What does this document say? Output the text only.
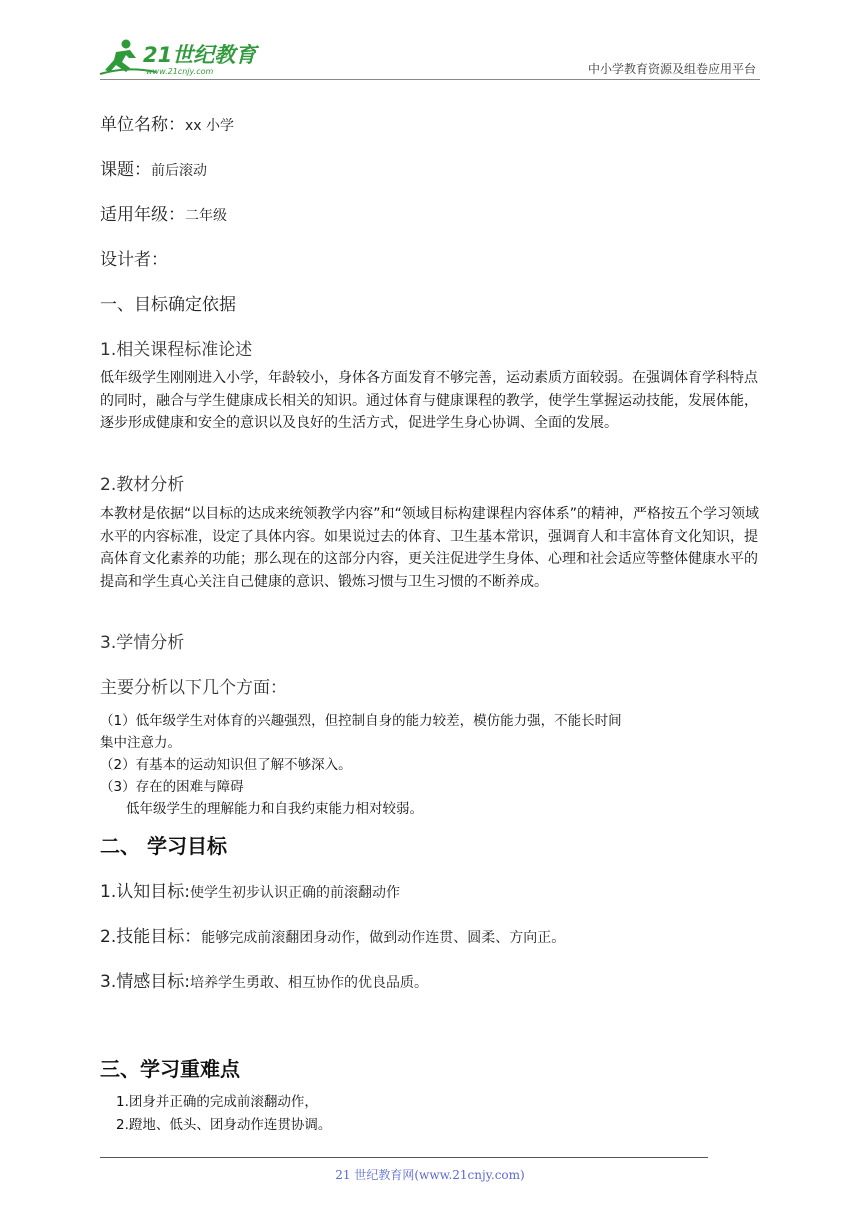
21世纪教育
www.21cnjy.com	中小学教育资源及组卷应用平台
单位名称：xx 小学
课题：前后滚动
适用年级：二年级
设计者：
一、目标确定依据
1.相关课程标准论述
低年级学生刚刚进入小学，年龄较小，身体各方面发育不够完善，运动素质方面较弱。在强调体育学科特点的同时，融合与学生健康成长相关的知识。通过体育与健康课程的教学，使学生掌握运动技能，发展体能，逐步形成健康和安全的意识以及良好的生活方式，促进学生身心协调、全面的发展。
2.教材分析
本教材是依据“以目标的达成来统领教学内容”和“领域目标构建课程内容体系”的精神，严格按五个学习领域水平的内容标准，设定了具体内容。如果说过去的体育、卫生基本常识，强调育人和丰富体育文化知识，提高体育文化素养的功能；那么现在的这部分内容，更关注促进学生身体、心理和社会适应等整体健康水平的提高和学生真心关注自己健康的意识、锻炼习惯与卫生习惯的不断养成。
3.学情分析
主要分析以下几个方面：
（1）低年级学生对体育的兴趣强烈，但控制自身的能力较差，模仿能力强，不能长时间
集中注意力。
（2）有基本的运动知识但了解不够深入。
（3）存在的困难与障碍
低年级学生的理解能力和自我约束能力相对较弱。
二、 学习目标
1.认知目标:使学生初步认识正确的前滚翻动作
2.技能目标：能够完成前滚翻团身动作，做到动作连贯、圆柔、方向正。
3.情感目标:培养学生勇敢、相互协作的优良品质。
三、学习重难点
1.团身并正确的完成前滚翻动作，
2.蹬地、低头、团身动作连贯协调。
21 世纪教育网(www.21cnjy.com)
